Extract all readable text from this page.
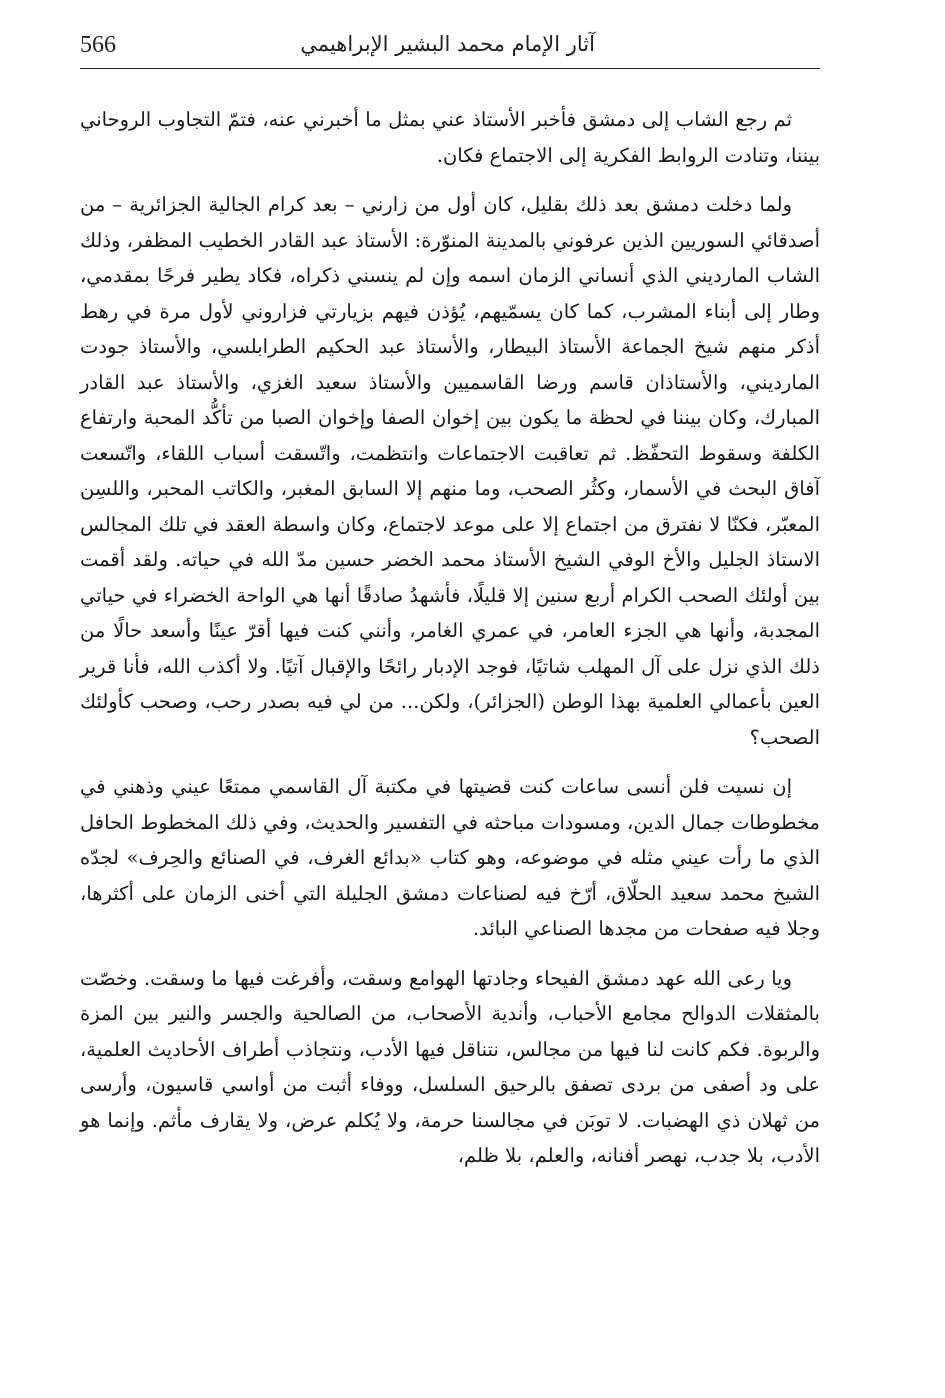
566	آثار الإمام محمد البشير الإبراهيمي

ثم رجع الشاب إلى دمشق فأخبر الأستاذ عني بمثل ما أخبرني عنه، فتمّ التجاوب الروحاني بيننا، وتنادت الروابط الفكرية إلى الاجتماع فكان.

ولما دخلت دمشق بعد ذلك بقليل، كان أول من زارني – بعد كرام الجالية الجزائرية – من أصدقائي السوريين الذين عرفوني بالمدينة المنوّرة: الأستاذ عبد القادر الخطيب المظفر، وذلك الشاب المارديني الذي أنساني الزمان اسمه وإن لم ينسني ذكراه، فكاد يطير فرحًا بمقدمي، وطار إلى أبناء المشرب، كما كان يسمّيهم، يُؤذن فيهم بزيارتي فزاروني لأول مرة في رهط أذكر منهم شيخ الجماعة الأستاذ البيطار، والأستاذ عبد الحكيم الطرابلسي، والأستاذ جودت المارديني، والأستاذان قاسم ورضا القاسميين والأستاذ سعيد الغزي، والأستاذ عبد القادر المبارك، وكان بيننا في لحظة ما يكون بين إخوان الصفا وإخوان الصبا من تأكُّد المحبة وارتفاع الكلفة وسقوط التحفّظ. ثم تعاقبت الاجتماعات وانتظمت، واتّسقت أسباب اللقاء، واتّسعت آفاق البحث في الأسمار، وكثُر الصحب، وما منهم إلا السابق المغبر، والكاتب المحبر، واللسِن المعبّر، فكنّا لا نفترق من اجتماع إلا على موعد لاجتماع، وكان واسطة العقد في تلك المجالس الاستاذ الجليل والأخ الوفي الشيخ الأستاذ محمد الخضر حسين مدّ الله في حياته. ولقد أقمت بين أولئك الصحب الكرام أربع سنين إلا قليلًا، فأشهدُ صادقًا أنها هي الواحة الخضراء في حياتي المجدبة، وأنها هي الجزء العامر، في عمري الغامر، وأنني كنت فيها أقرّ عينًا وأسعد حالًا من ذلك الذي نزل على آل المهلب شاتيًا، فوجد الإدبار رائحًا والإقبال آتيًا. ولا أكذب الله، فأنا قرير العين بأعمالي العلمية بهذا الوطن (الجزائر)، ولكن... من لي فيه بصدر رحب، وصحب كأولئك الصحب؟

إن نسيت فلن أنسى ساعات كنت قضيتها في مكتبة آل القاسمي ممتعًا عيني وذهني في مخطوطات جمال الدين، ومسودات مباحثه في التفسير والحديث، وفي ذلك المخطوط الحافل الذي ما رأت عيني مثله في موضوعه، وهو كتاب «بدائع الغرف، في الصنائع والحِرف» لجدّه الشيخ محمد سعيد الحلّاق، أرّخ فيه لصناعات دمشق الجليلة التي أخنى الزمان على أكثرها، وجلا فيه صفحات من مجدها الصناعي البائد.

ويا رعى الله عهد دمشق الفيحاء وجادتها الهوامع وسقت، وأفرغت فيها ما وسقت. وخصّت بالمثقلات الدوالح مجامع الأحباب، وأندية الأصحاب، من الصالحية والجسر والنير بين المزة والربوة. فكم كانت لنا فيها من مجالس، نتناقل فيها الأدب، ونتجاذب أطراف الأحاديث العلمية، على ود أصفى من بردى تصفق بالرحيق السلسل، ووفاء أثبت من أواسي قاسيون، وأرسى من ثهلان ذي الهضبات. لا توبَن في مجالسنا حرمة، ولا يُكلم عرض، ولا يقارف مأثم. وإنما هو الأدب، بلا جدب، نهصر أفنانه، والعلم، بلا ظلم،
